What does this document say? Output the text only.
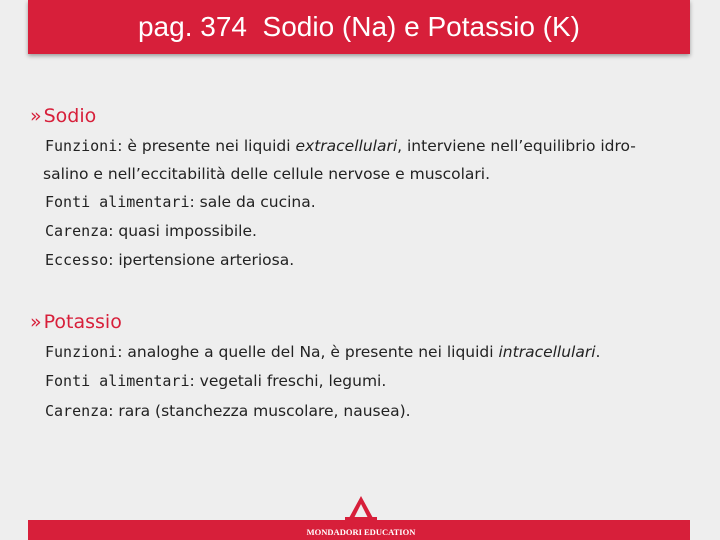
pag. 374  Sodio (Na) e Potassio (K)
» Sodio
Funzioni: è presente nei liquidi extracellulari, interviene nell’equilibrio idro-
salino e nell’eccitabilità delle cellule nervose e muscolari.
Fonti alimentari: sale da cucina.
Carenza: quasi impossibile.
Eccesso: ipertensione arteriosa.
» Potassio
Funzioni: analoghe a quelle del Na, è presente nei liquidi intracellulari.
Fonti alimentari: vegetali freschi, legumi.
Carenza: rara (stanchezza muscolare, nausea).
MONDADORI EDUCATION
